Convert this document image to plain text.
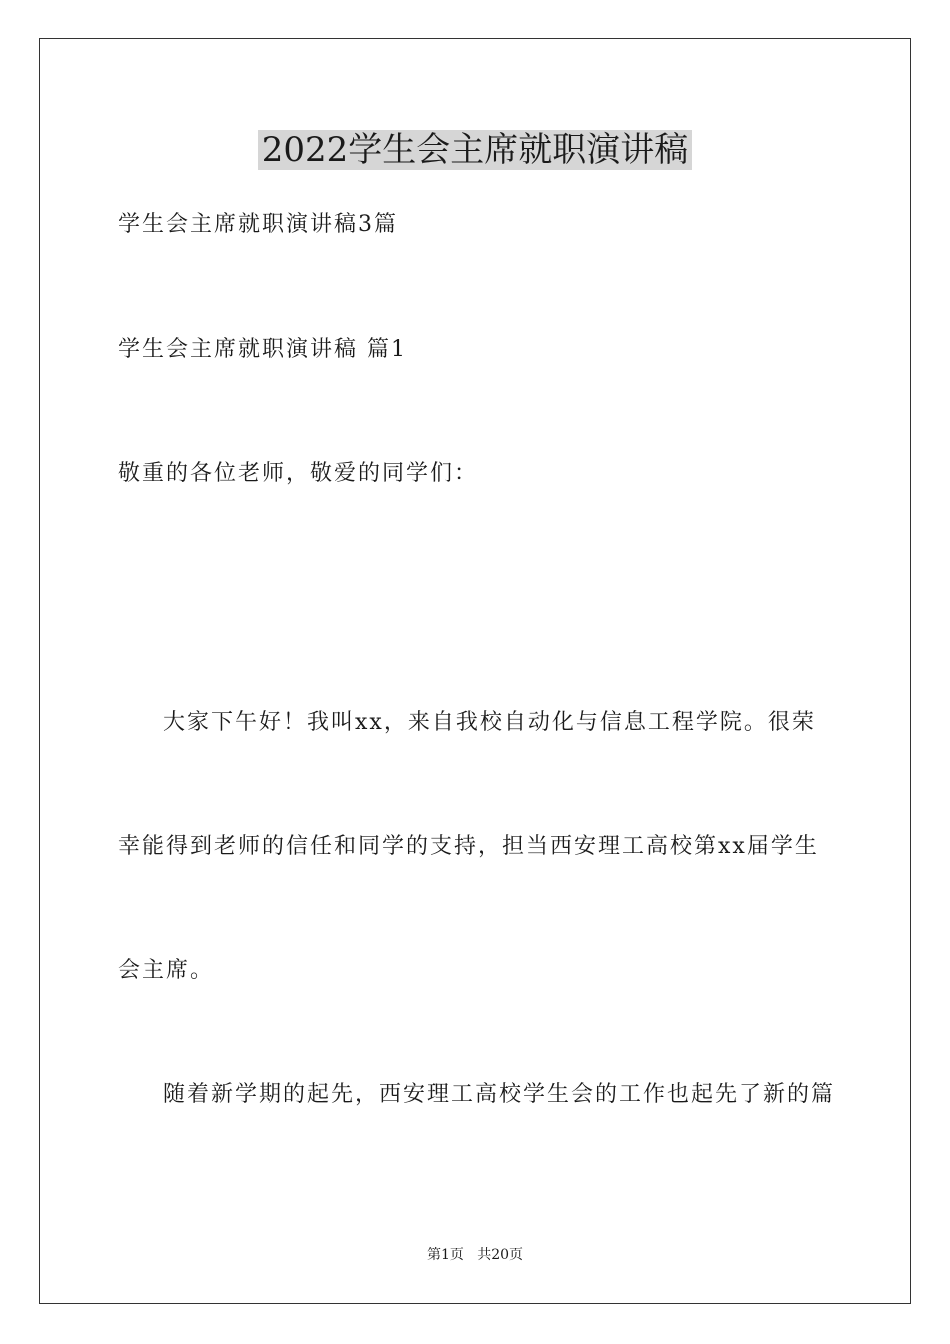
2022学生会主席就职演讲稿
学生会主席就职演讲稿3篇
学生会主席就职演讲稿 篇1
敬重的各位老师，敬爱的同学们：
大家下午好！我叫xx，来自我校自动化与信息工程学院。很荣
幸能得到老师的信任和同学的支持，担当西安理工高校第xx届学生
会主席。
随着新学期的起先，西安理工高校学生会的工作也起先了新的篇
第1页   共20页
